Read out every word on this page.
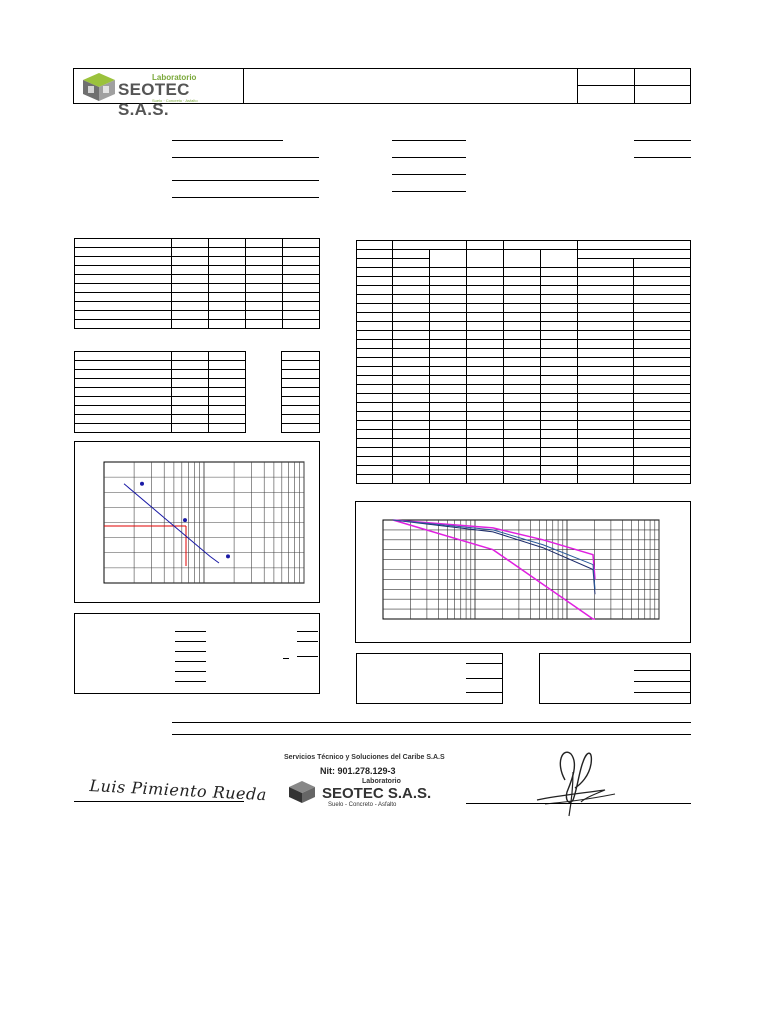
Laboratorio
SEOTEC S.A.S.
Suelo · Concreto · Asfalto

Luis Pimiento Rueda
Servicios Técnico y Soluciones del Caribe S.A.S
Nit: 901.278.129-3
Laboratorio
SEOTEC S.A.S.
Suelo - Concreto - Asfalto
